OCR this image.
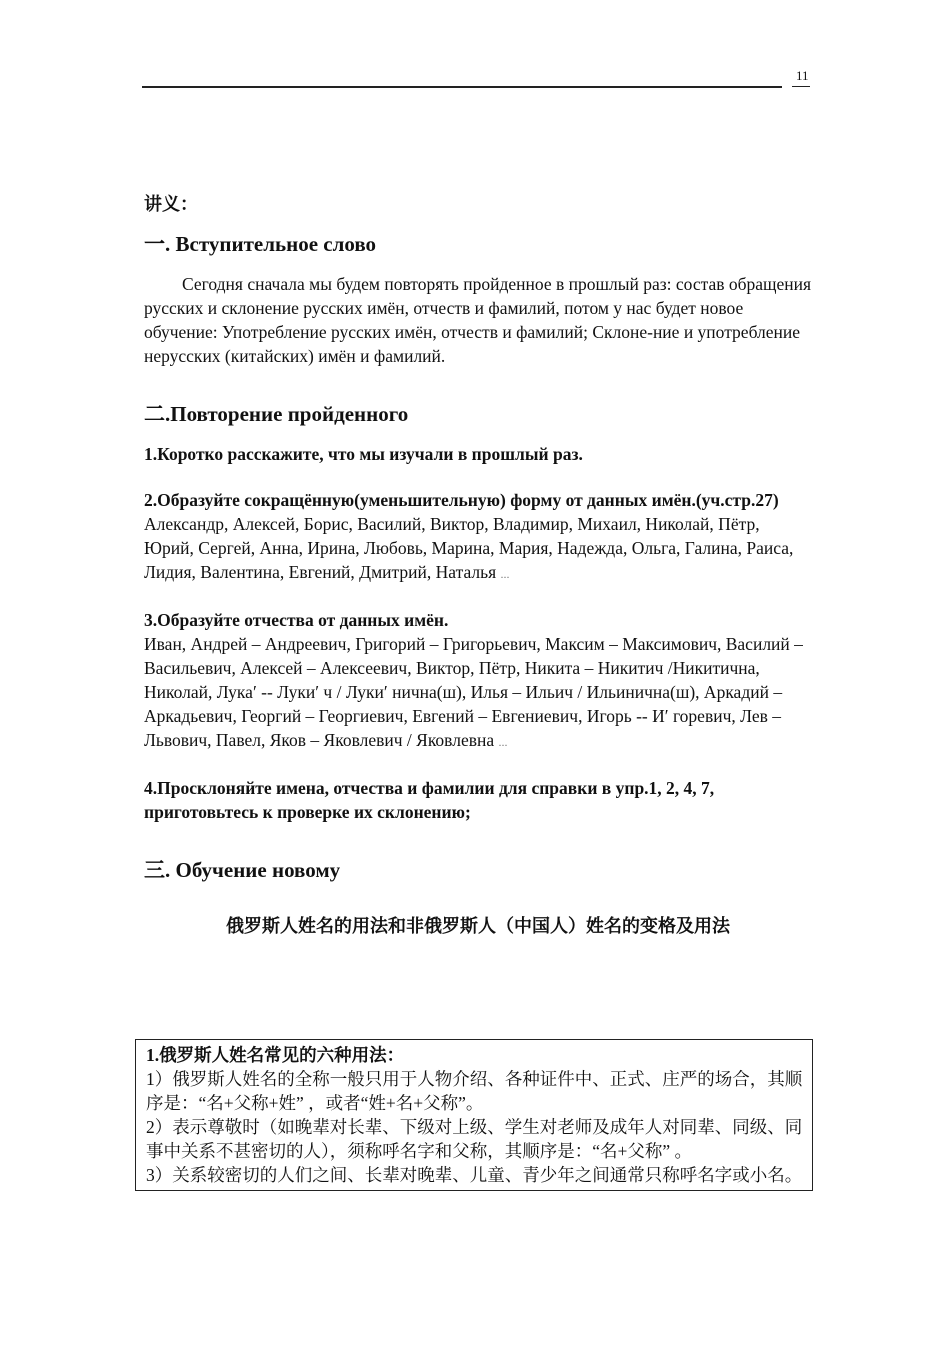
11

讲义：

一. Вступительное слово

Сегодня сначала мы будем повторять пройденное в прошлый раз: состав обращения русских и склонение русских имён, отчеств и фамилий, потом у нас будет новое обучение: Употребление русских имён, отчеств и фамилий; Склоне-ние и употребление нерусских (китайских) имён и фамилий.

二.Повторение пройденного

1.Коротко расскажите, что мы изучали в прошлый раз.

2.Образуйте сокращённую(уменьшительную) форму от данных имён.(уч.стр.27)

Александр, Алексей, Борис, Василий, Виктор, Владимир, Михаил, Николай, Пётр, Юрий, Сергей, Анна, Ирина, Любовь, Марина, Мария, Надежда, Ольга, Галина, Раиса, Лидия, Валентина, Евгений, Дмитрий, Наталья ...

3.Образуйте отчества от данных имён.

Иван, Андрей – Андреевич, Григорий – Григорьевич, Максим – Максимович, Василий – Васильевич, Алексей – Алексеевич, Виктор, Пётр, Никита – Никитич /Никитична, Николай, Лука′ -- Луки′ ч / Луки′ нична(ш), Илья – Ильич / Ильинична(ш), Аркадий – Аркадьевич, Георгий – Георгиевич, Евгений – Евгениевич, Игорь -- И′ горевич, Лев – Львович, Павел, Яков – Яковлевич / Яковлевна ...

4.Просклоняйте имена, отчества и фамилии для справки в упр.1, 2, 4, 7, приготовьтесь к проверке их склонению;

三. Обучение новому

俄罗斯人姓名的用法和非俄罗斯人（中国人）姓名的变格及用法

1.俄罗斯人姓名常见的六种用法：

1）俄罗斯人姓名的全称一般只用于人物介绍、各种证件中、正式、庄严的场合，其顺序是：“名+父称+姓” ，或者“姓+名+父称”。

2）表示尊敬时（如晚辈对长辈、下级对上级、学生对老师及成年人对同辈、同级、同事中关系不甚密切的人），须称呼名字和父称，其顺序是：“名+父称” 。

3）关系较密切的人们之间、长辈对晚辈、儿童、青少年之间通常只称呼名字或小名。
